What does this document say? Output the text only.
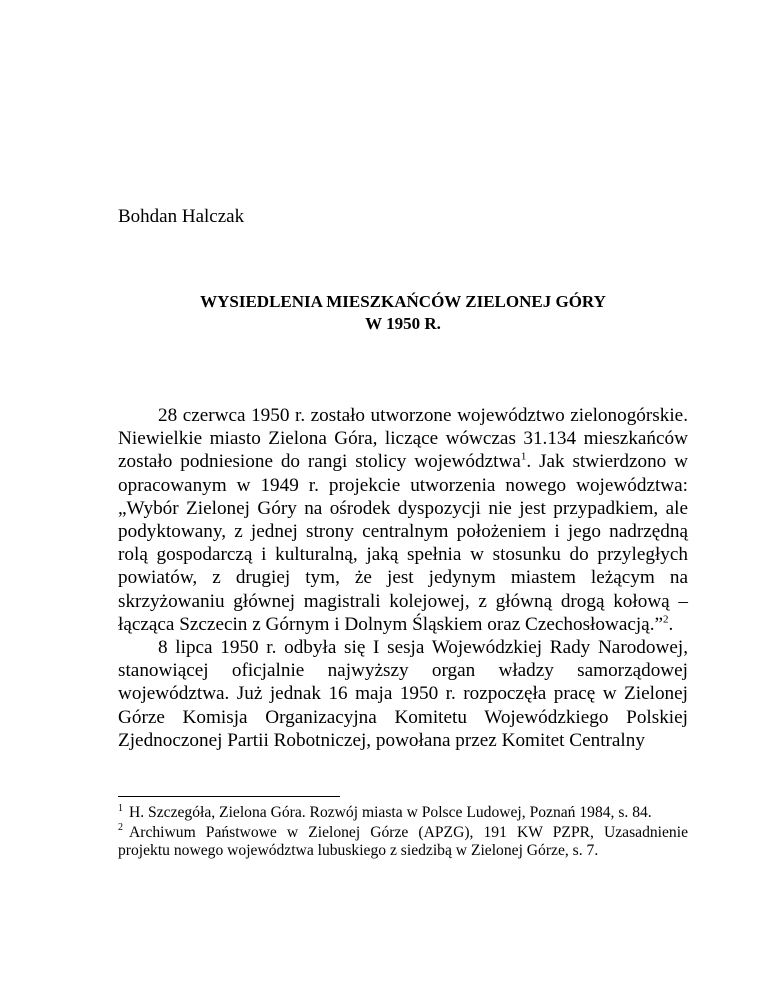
Bohdan Halczak

WYSIEDLENIA MIESZKAŃCÓW ZIELONEJ GÓRY
W 1950 R.

28 czerwca 1950 r. zostało utworzone województwo zielonogórskie. Niewielkie miasto Zielona Góra, liczące wówczas 31.134 mieszkańców zostało podniesione do rangi stolicy województwa$^1$. Jak stwierdzono w opracowanym w 1949 r. projekcie utworzenia nowego województwa: „Wybór Zielonej Góry na ośrodek dyspozycji nie jest przypadkiem, ale podyktowany, z jednej strony centralnym położeniem i jego nadrzędną rolą gospodarczą i kulturalną, jaką spełnia w stosunku do przyległych powiatów, z drugiej tym, że jest jedynym miastem leżącym na skrzyżowaniu głównej magistrali kolejowej, z główną drogą kołową – łącząca Szczecin z Górnym i Dolnym Śląskiem oraz Czechosłowacją.”$^2$.

8 lipca 1950 r. odbyła się I sesja Wojewódzkiej Rady Narodowej, stanowiącej oficjalnie najwyższy organ władzy samorządowej województwa. Już jednak 16 maja 1950 r. rozpoczęła pracę w Zielonej Górze Komisja Organizacyjna Komitetu Wojewódzkiego Polskiej Zjednoczonej Partii Robotniczej, powołana przez Komitet Centralny

$^1$ H. Szczegóła, Zielona Góra. Rozwój miasta w Polsce Ludowej, Poznań 1984, s. 84.

$^2$ Archiwum Państwowe w Zielonej Górze (APZG), 191 KW PZPR, Uzasadnienie projektu nowego województwa lubuskiego z siedzibą w Zielonej Górze, s. 7.
